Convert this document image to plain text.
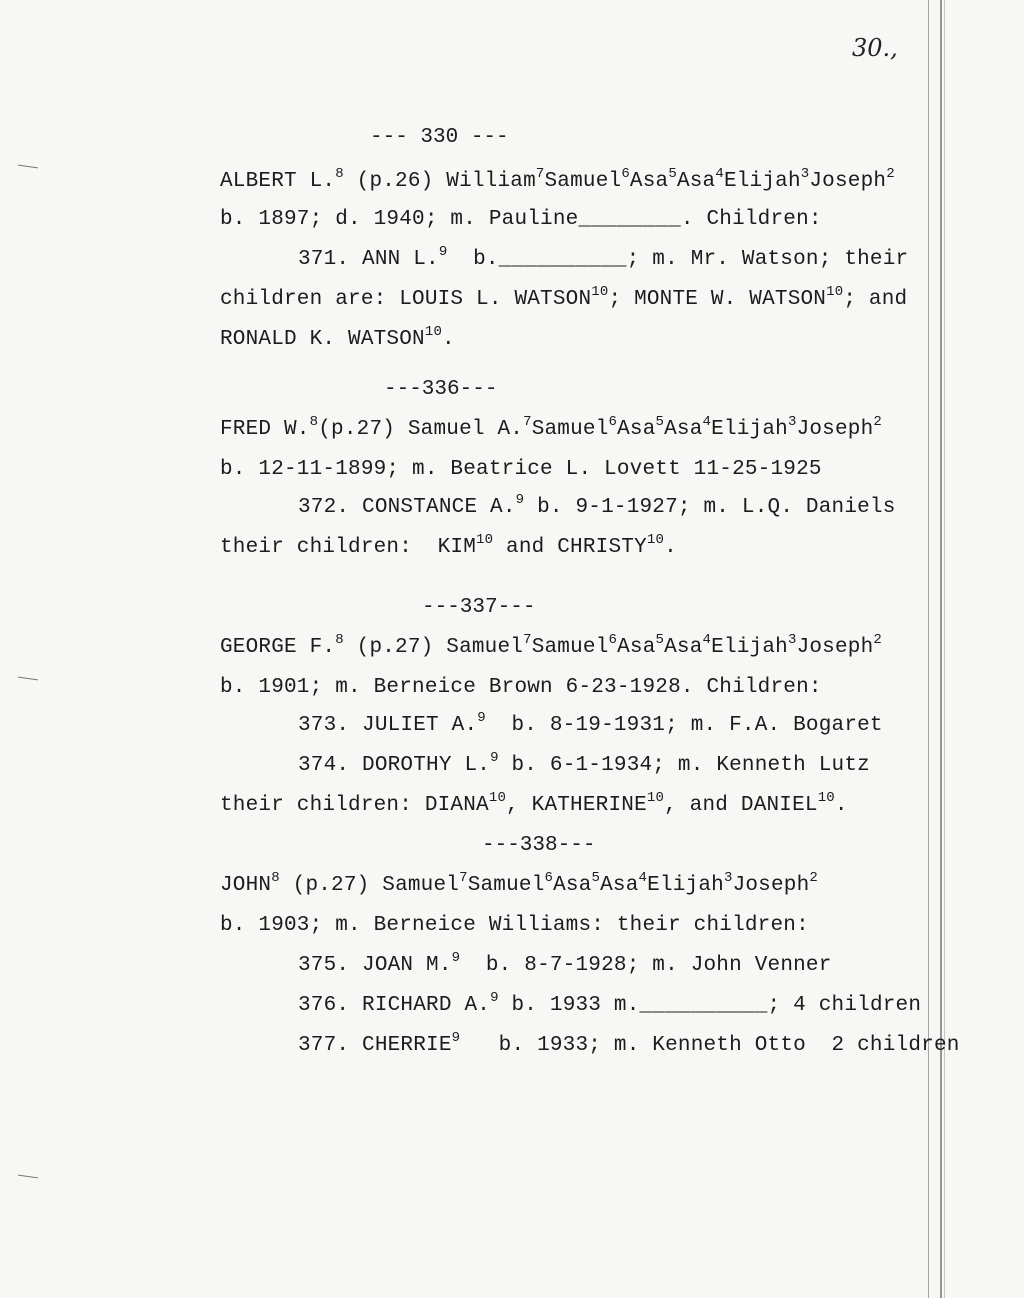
30.,
--- 330 ---
ALBERT L.$^8$ (p.26) William$^7$Samuel$^6$Asa$^5$Asa$^4$Elijah$^3$Joseph$^2$
b. 1897; d. 1940; m. Pauline________. Children:
371. ANN L.$^9$ b.__________; m. Mr. Watson; their
children are: LOUIS L. WATSON$^{10}$; MONTE W. WATSON$^{10}$; and
RONALD K. WATSON$^{10}$.
---336---
FRED W.$^8$(p.27) Samuel A.$^7$Samuel$^6$Asa$^5$Asa$^4$Elijah$^3$Joseph$^2$
b. 12-11-1899; m. Beatrice L. Lovett 11-25-1925
372. CONSTANCE A.$^9$ b. 9-1-1927; m. L.Q. Daniels
their children:  KIM$^{10}$ and CHRISTY$^{10}$.
---337---
GEORGE F.$^8$ (p.27) Samuel$^7$Samuel$^6$Asa$^5$Asa$^4$Elijah$^3$Joseph$^2$
b. 1901; m. Berneice Brown 6-23-1928. Children:
373. JULIET A.$^9$ b. 8-19-1931; m. F.A. Bogaret
374. DOROTHY L.$^9$ b. 6-1-1934; m. Kenneth Lutz
their children: DIANA$^{10}$, KATHERINE$^{10}$, and DANIEL$^{10}$.
---338---
JOHN$^8$ (p.27) Samuel$^7$Samuel$^6$Asa$^5$Asa$^4$Elijah$^3$Joseph$^2$
b. 1903; m. Berneice Williams: their children:
375. JOAN M.$^9$ b. 8-7-1928; m. John Venner
376. RICHARD A.$^9$ b. 1933 m.__________; 4 children
377. CHERRIE$^9$ b. 1933; m. Kenneth Otto  2 children
